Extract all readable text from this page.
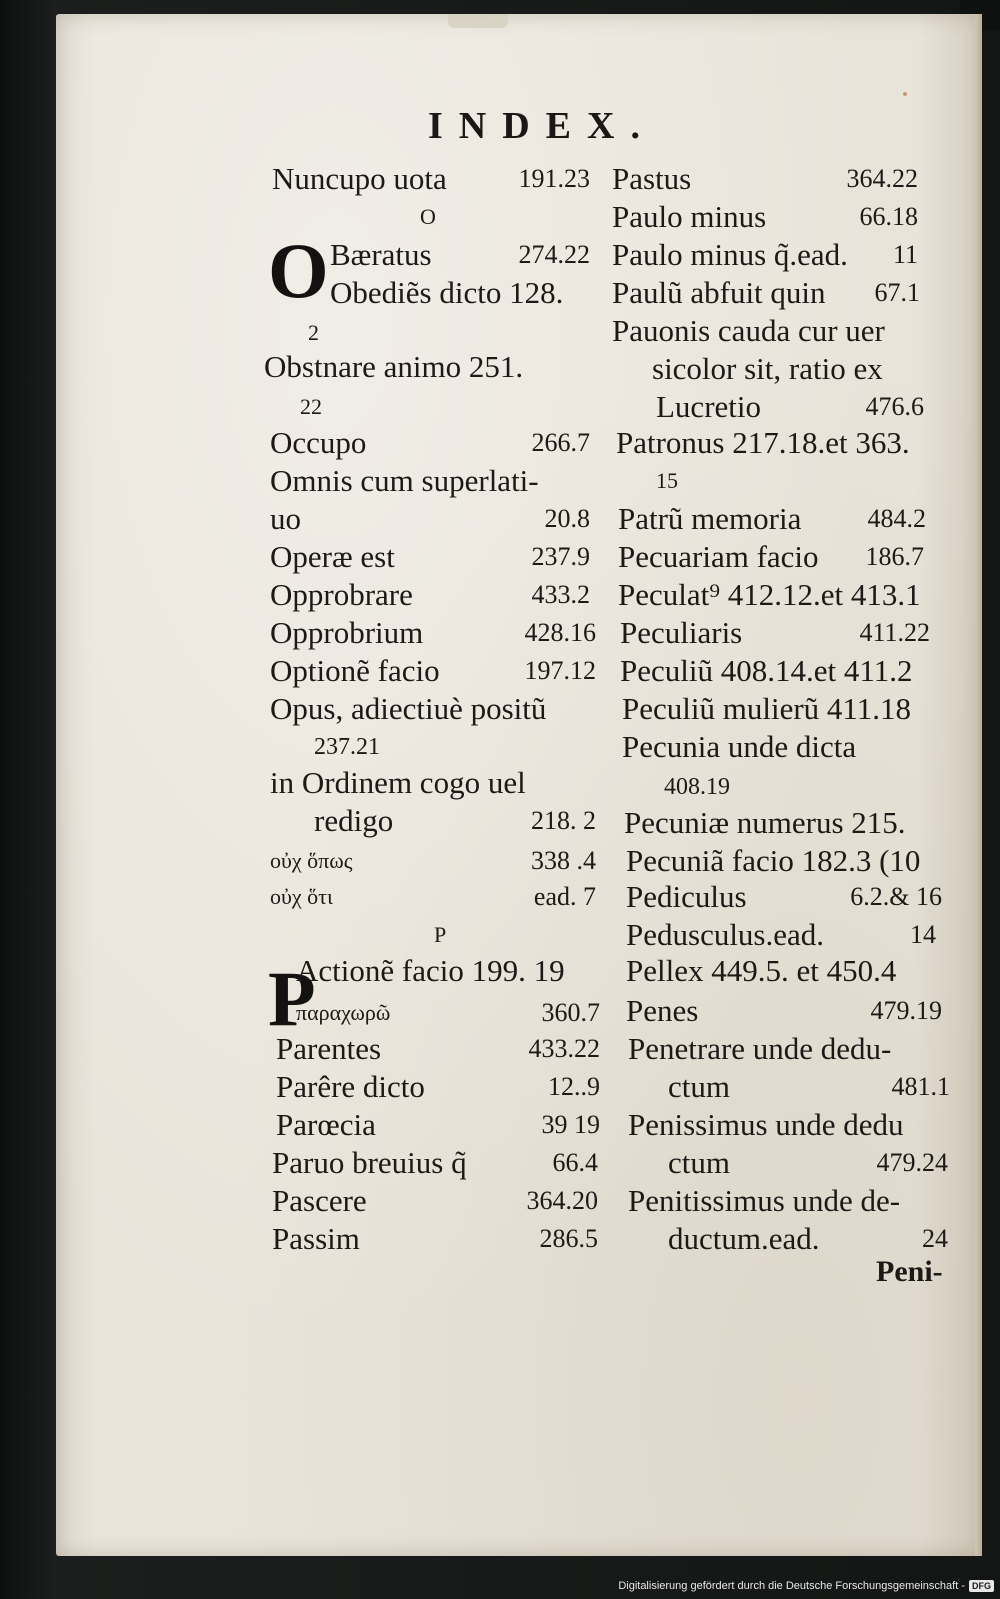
INDEX.
O
P
Nuncupo uota	191.23
O
Bæratus	274.22
Obediẽs dicto 128.
2
Obstnare animo 251.
22
Occupo	266.7
Omnis cum superlati-
uo	20.8
Operæ est	237.9
Opprobrare	433.2
Opprobrium	428.16
Optionẽ facio	197.12
Opus, adiectiuè positũ
237.21
in Ordinem cogo uel
redigo	218. 2
οὐχ ὅπως	338 .4
οὐχ ὅτι	ead. 7
P
Actionẽ facio 199. 19
παραχωρῶ	360.7
Parentes	433.22
Parêre dicto	12..9
Parœcia	39 19
Paruo breuius q̃	66.4
Pascere	364.20
Passim	286.5
Pastus	364.22
Paulo minus	66.18
Paulo minus q̃.ead. 11
Paulũ abfuit quin 67.1
Pauonis cauda cur uer
sicolor sit, ratio ex
Lucretio	476.6
Patronus 217.18.et 363.
15
Patrũ memoria	484.2
Pecuariam facio 186.7
Peculat⁹ 412.12.et 413.1
Peculiaris	411.22
Peculiũ 408.14.et 411.2
Peculiũ mulierũ 411.18
Pecunia unde dicta
408.19
Pecuniæ numerus 215.
Pecuniã facio 182.3 (10
Pediculus	6.2.& 16
Pedusculus.ead.	14
Pellex 449.5. et 450.4
Penes	479.19
Penetrare unde dedu-
ctum	481.1
Penissimus unde dedu
ctum	479.24
Penitissimus unde de-
ductum.ead.	24
Peni-
Digitalisierung gefördert durch die Deutsche Forschungsgemeinschaft - DFG
